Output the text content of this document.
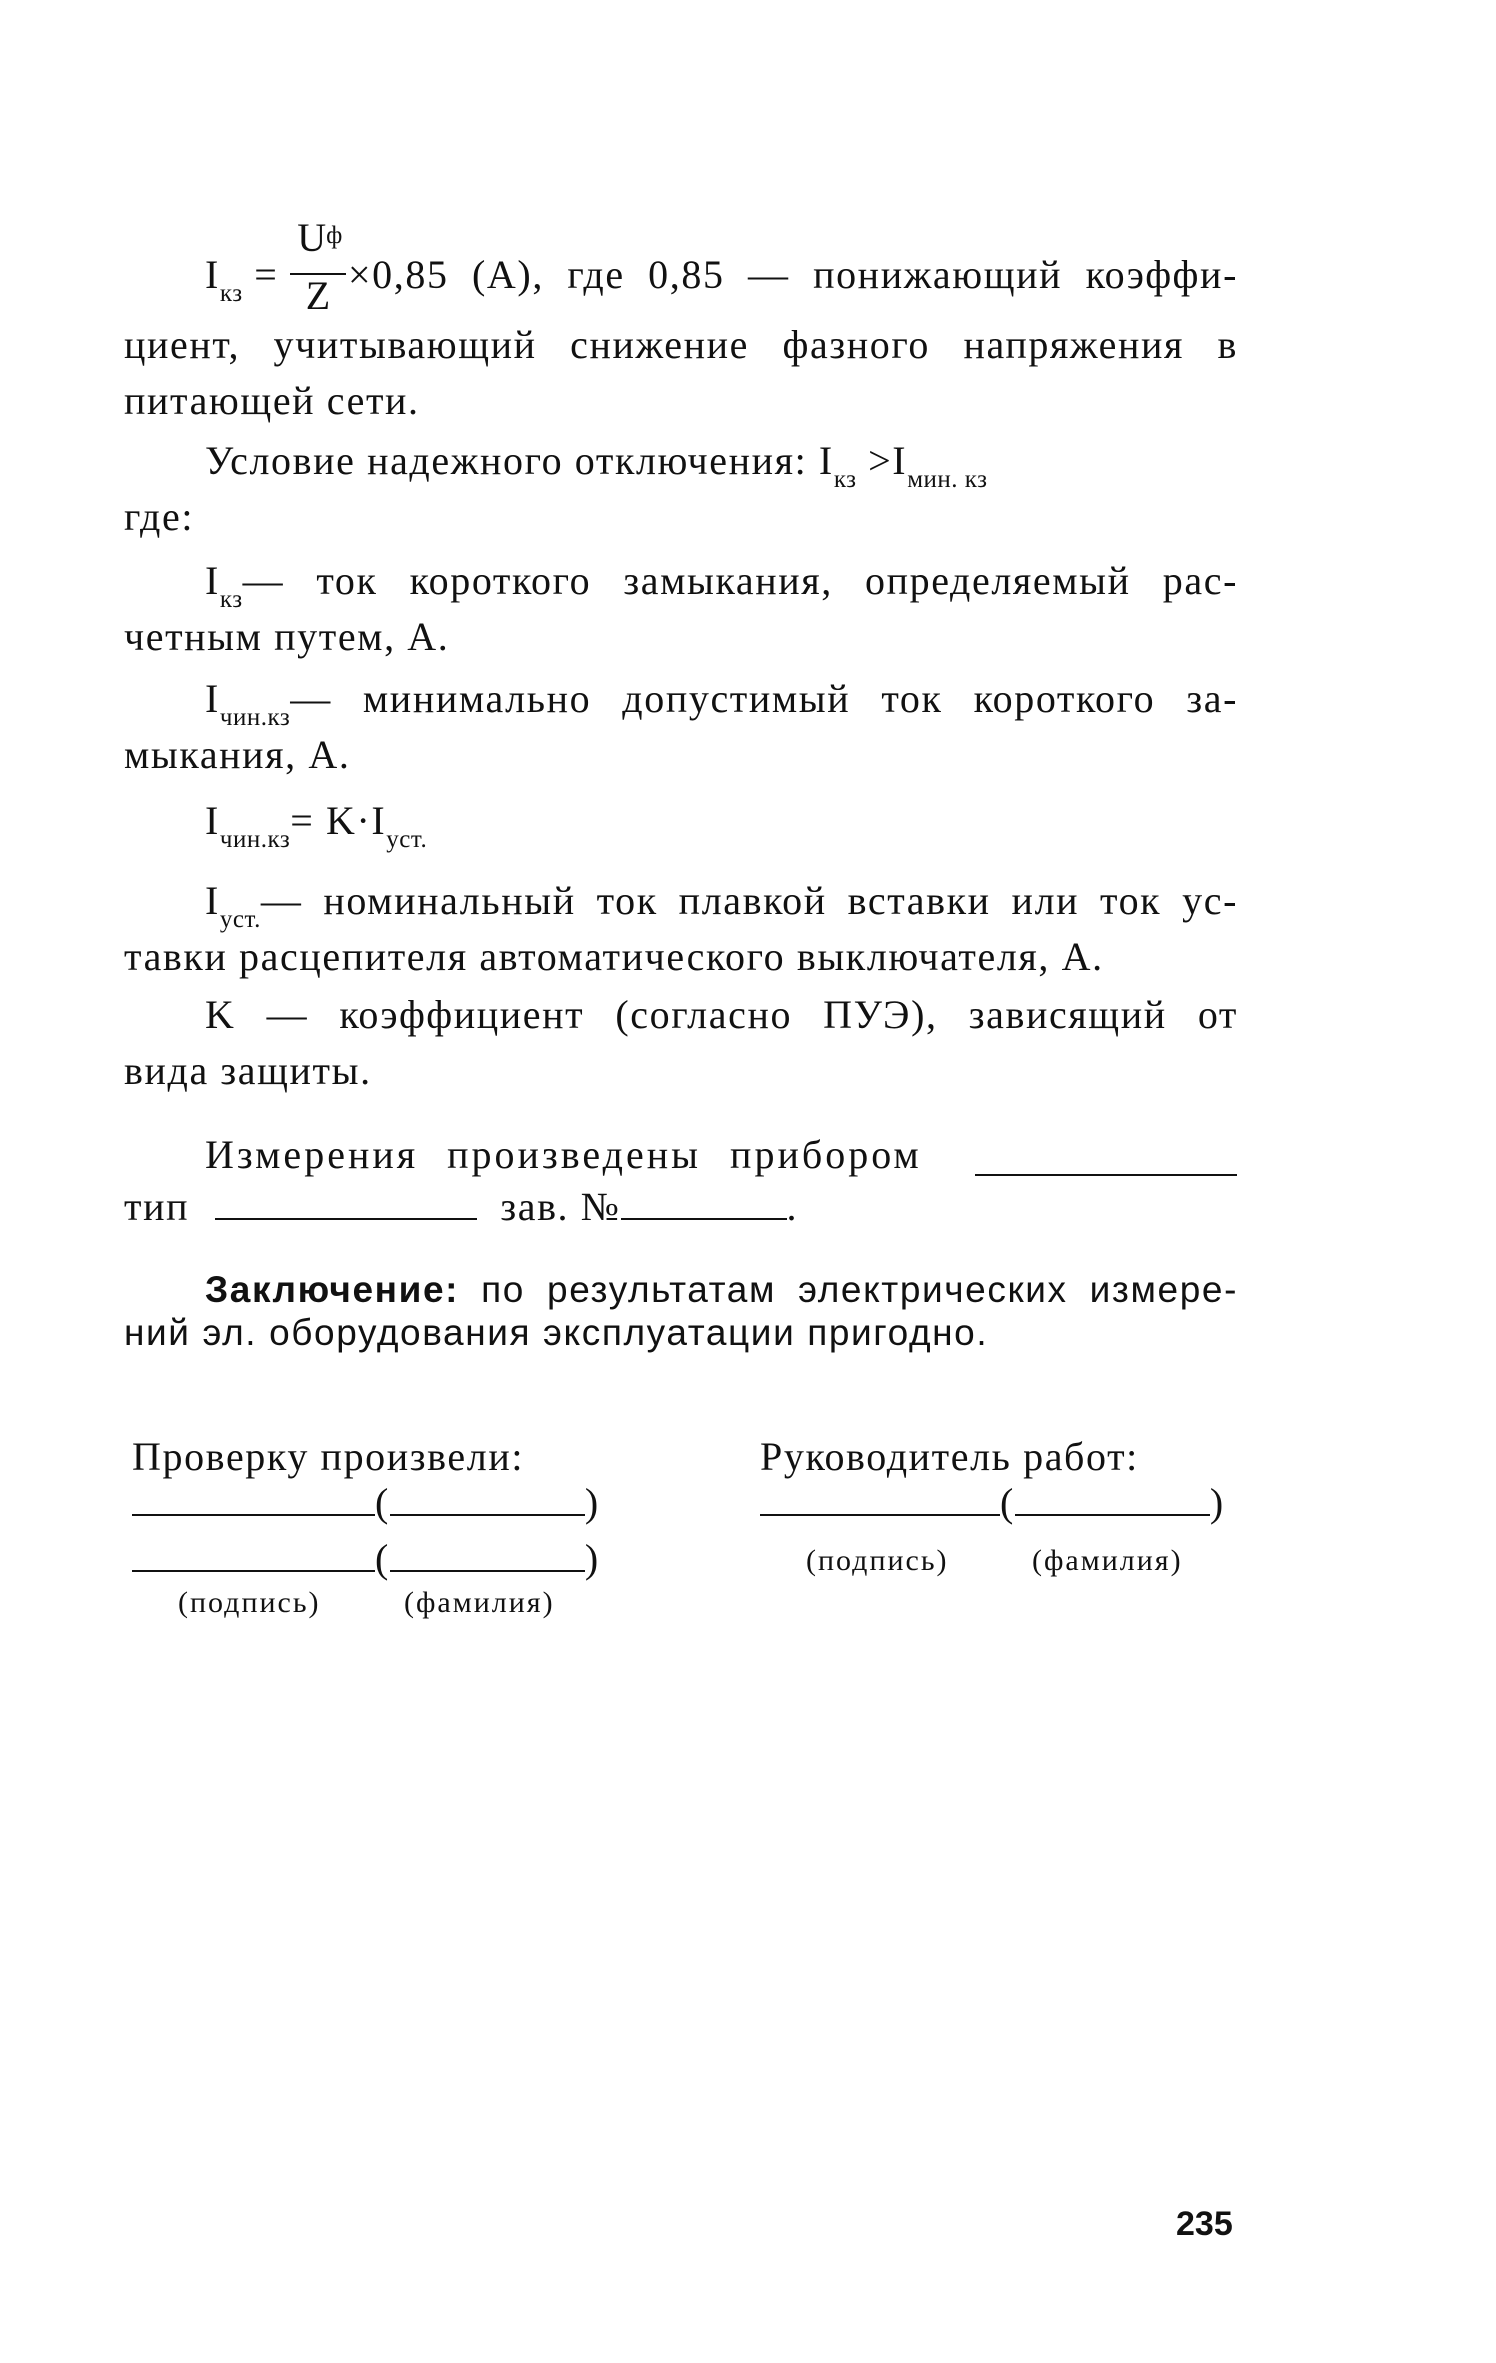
$I_{кз}$ =
$U^ф$
Z ×0,85 (А), где 0,85 — понижающий коэффи-
циент, учитывающий снижение фазного напряжения в
питающей сети.
Условие надежного отключения: $I_{кз} >I_{мин. кз}$
где:
$I_{кз}—$ ток короткого замыкания, определяемый рас-
четным путем, А.
$I_{чин.кз}—$ минимально допустимый ток короткого за-
мыкания, А.
$I_{чин.кз}= K\cdot I_{уст.}$
$I_{уст.}—$ номинальный ток плавкой вставки или ток ус-
тавки расцепителя автоматического выключателя, А.
K — коэффициент (согласно ПУЭ), зависящий от
вида защиты.
Измерения произведены прибором
тип	зав. №	.
Заключение: по результатам электрических измере-
ний эл. оборудования эксплуатации пригодно.
Проверку произвели:
(	)
(	)
(подпись)	(фамилия)
Руководитель работ:
(	)
(подпись)	(фамилия)
235
